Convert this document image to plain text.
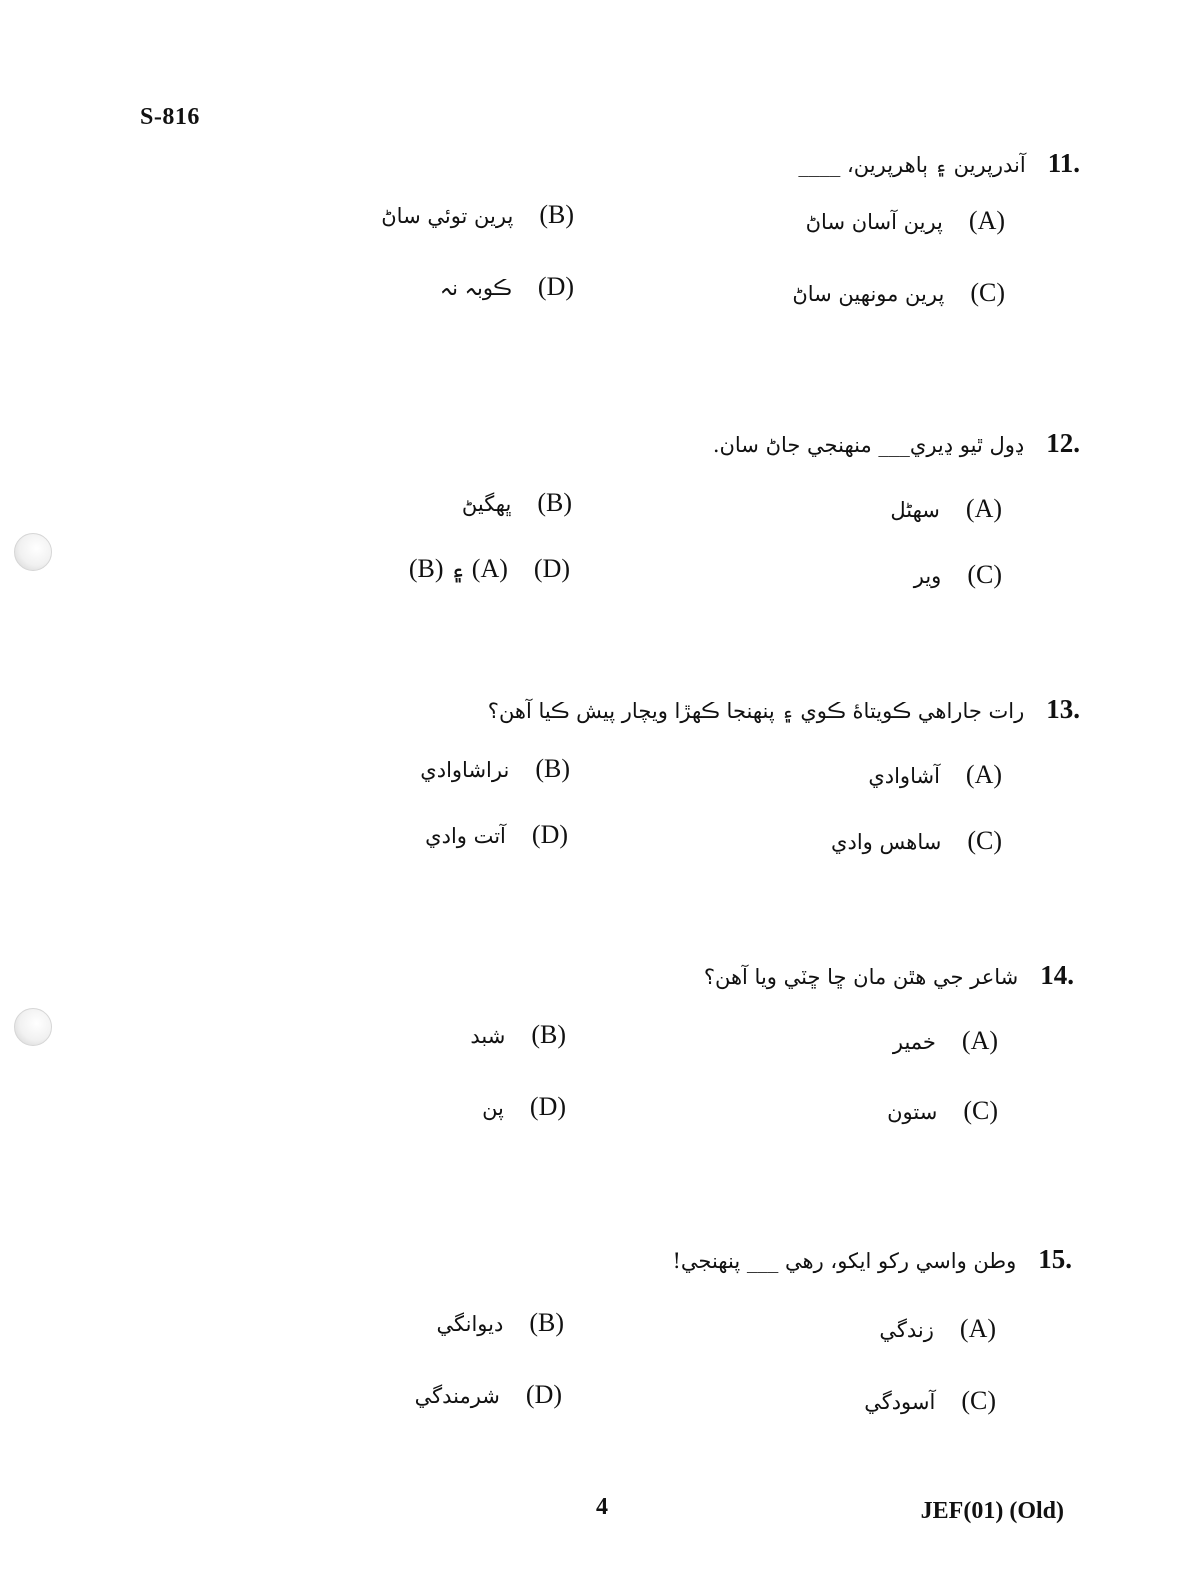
S-816
11.آندرپرين ۽ ٻاهرپرين، ____
(A)پرين آسان ساڻ
(B)پرين توئي ساڻ
(C)پرين مونهين ساڻ
(D)ڪوبہ نہ
12.ڍول ٿيو ڍيري___ منهنجي جاڻ سان.
(A)سهڻل
(B)ڀهگيڻ
(C)وير
(D)(A) ۽ (B)
13.رات جاراهي ڪويتاۀ ڪوي ۽ پنهنجا ڪهڙا ويچار پيش ڪيا آهن؟
(A)آشاوادي
(B)نراشاوادي
(C)ساهس وادي
(D)آتت وادي
14.شاعر جي هٿن مان ڇا ڇٽي ويا آهن؟
(A)خمير
(B)شبد
(C)ستون
(D)پن
15.وطن واسي رکو ايکو، رهي ___ پنهنجي!
(A)زندگي
(B)ديوانگي
(C)آسودگي
(D)شرمندگي
4	JEF(01) (Old)
